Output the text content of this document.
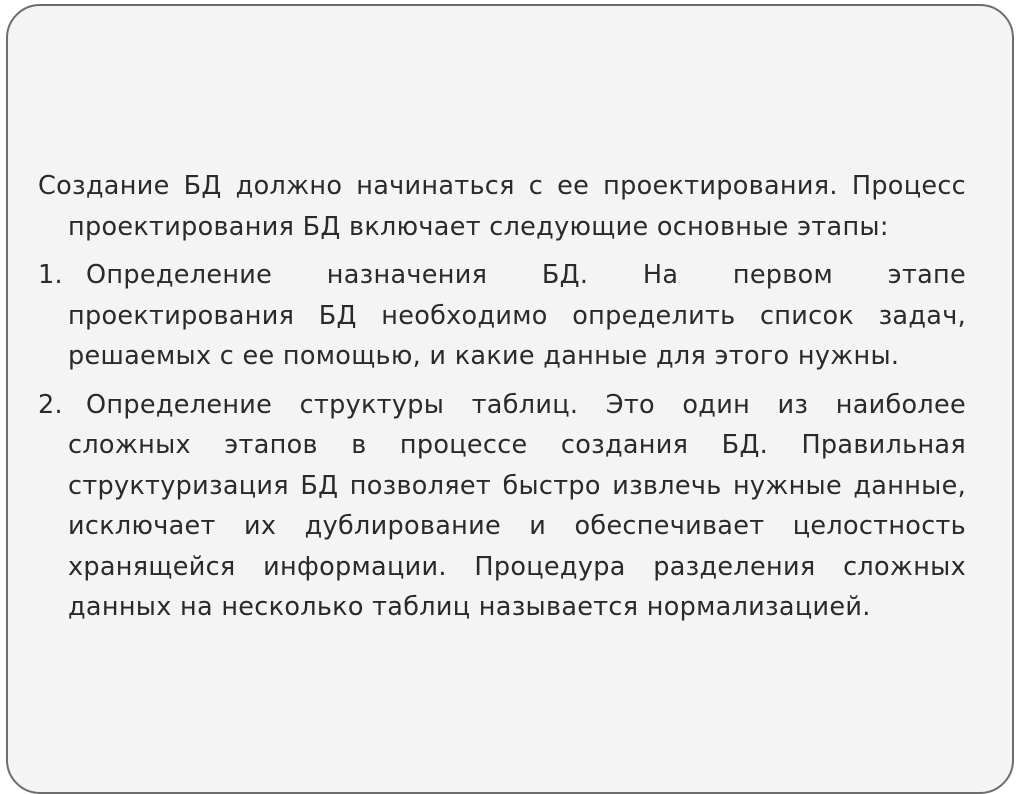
Создание БД должно начинаться с ее проектирования. Процесс проектирования БД включает следующие основные этапы:

1. Определение назначения БД. На первом этапе проектирования БД необходимо определить список задач, решаемых с ее помощью, и какие данные для этого нужны.
2. Определение структуры таблиц. Это один из наиболее сложных этапов в процессе создания БД. Правильная структуризация БД позволяет быстро извлечь нужные данные, исключает их дублирование и обеспечивает целостность хранящейся информации. Процедура разделения сложных данных на несколько таблиц называется нормализацией.
